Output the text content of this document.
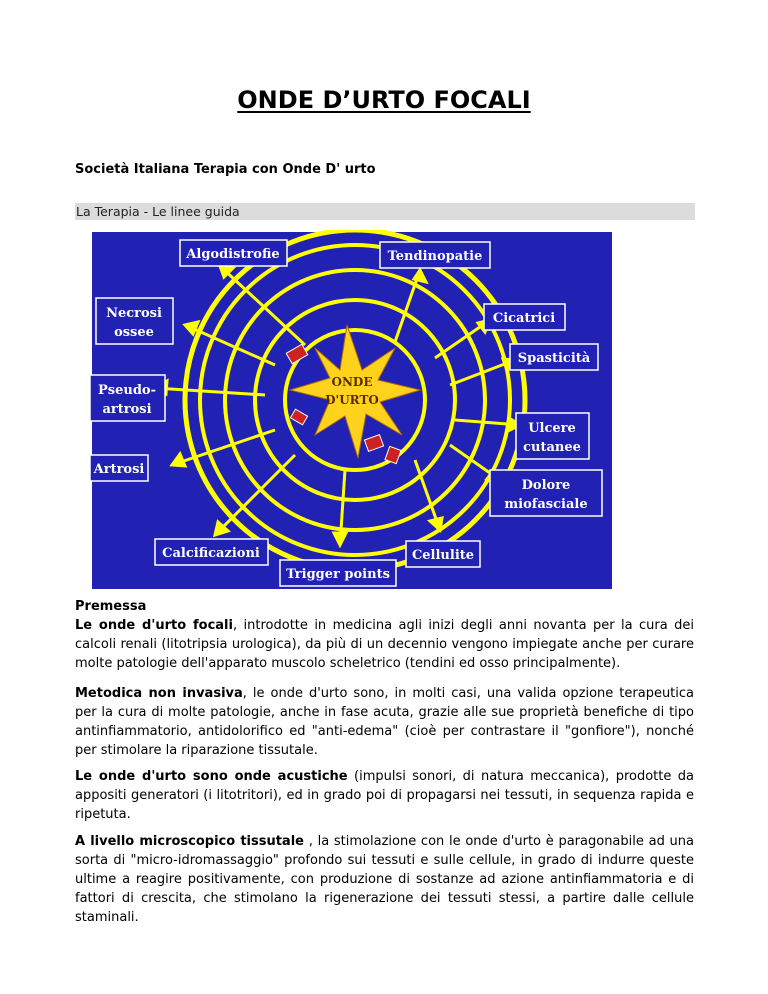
ONDE D’URTO FOCALI

Società Italiana Terapia con Onde D' urto

La Terapia - Le linee guida
ONDE
D'URTO
Algodistrofie	Tendinopatie
Necrosi
ossee
Cicatrici
Spasticità
Pseudo-
artrosi
Ulcere
cutanee
Artrosi
Dolore
miofasciale
Calcificazioni	Cellulite
Trigger points
Premessa
Le onde d'urto focali, introdotte in medicina agli inizi degli anni novanta per la cura dei calcoli renali (litotripsia urologica), da più di un decennio vengono impiegate anche per curare molte patologie dell'apparato muscolo scheletrico (tendini ed osso principalmente).
Metodica non invasiva, le onde d'urto sono, in molti casi, una valida opzione terapeutica per la cura di molte patologie, anche in fase acuta, grazie alle sue proprietà benefiche di tipo antinfiammatorio, antidolorifico ed "anti-edema" (cioè per contrastare il "gonfiore"), nonché per stimolare la riparazione tissutale.
Le onde d'urto sono onde acustiche (impulsi sonori, di natura meccanica), prodotte da appositi generatori (i litotritori), ed in grado poi di propagarsi nei tessuti, in sequenza rapida e ripetuta.
A livello microscopico tissutale , la stimolazione con le onde d'urto è paragonabile ad una sorta di "micro-idromassaggio" profondo sui tessuti e sulle cellule, in grado di indurre queste ultime a reagire positivamente, con produzione di sostanze ad azione antinfiammatoria e di fattori di crescita, che stimolano la rigenerazione dei tessuti stessi, a partire dalle cellule staminali.
